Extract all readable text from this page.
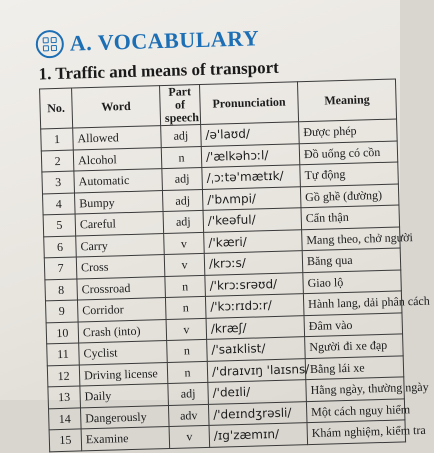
A. VOCABULARY
1. Traffic and means of transport
No.	Word	Part of speech	Pronunciation	Meaning
1	Allowed	adj	/ə'laʊd/	Được phép
2	Alcohol	n	/'ælkəhɔːl/	Đồ uống có cồn
3	Automatic	adj	/ˌɔːtə'mætɪk/	Tự động
4	Bumpy	adj	/'bʌmpi/	Gồ ghề (đường)
5	Careful	adj	/'keəful/	Cẩn thận
6	Carry	v	/'kæri/	Mang theo, chở người
7	Cross	v	/krɔːs/	Băng qua
8	Crossroad	n	/'krɔːsrəʊd/	Giao lộ
9	Corridor	n	/'kɔːrɪdɔːr/	Hành lang, dải phân cách
10	Crash (into)	v	/kræʃ/	Đâm vào
11	Cyclist	n	/'saɪklist/	Người đi xe đạp
12	Driving license	n	/'draɪvɪŋ 'laɪsns/	Bằng lái xe
13	Daily	adj	/'deɪli/	Hằng ngày, thường ngày
14	Dangerously	adv	/'deɪndʒrəsli/	Một cách nguy hiểm
15	Examine	v	/ɪg'zæmɪn/	Khám nghiệm, kiểm tra
